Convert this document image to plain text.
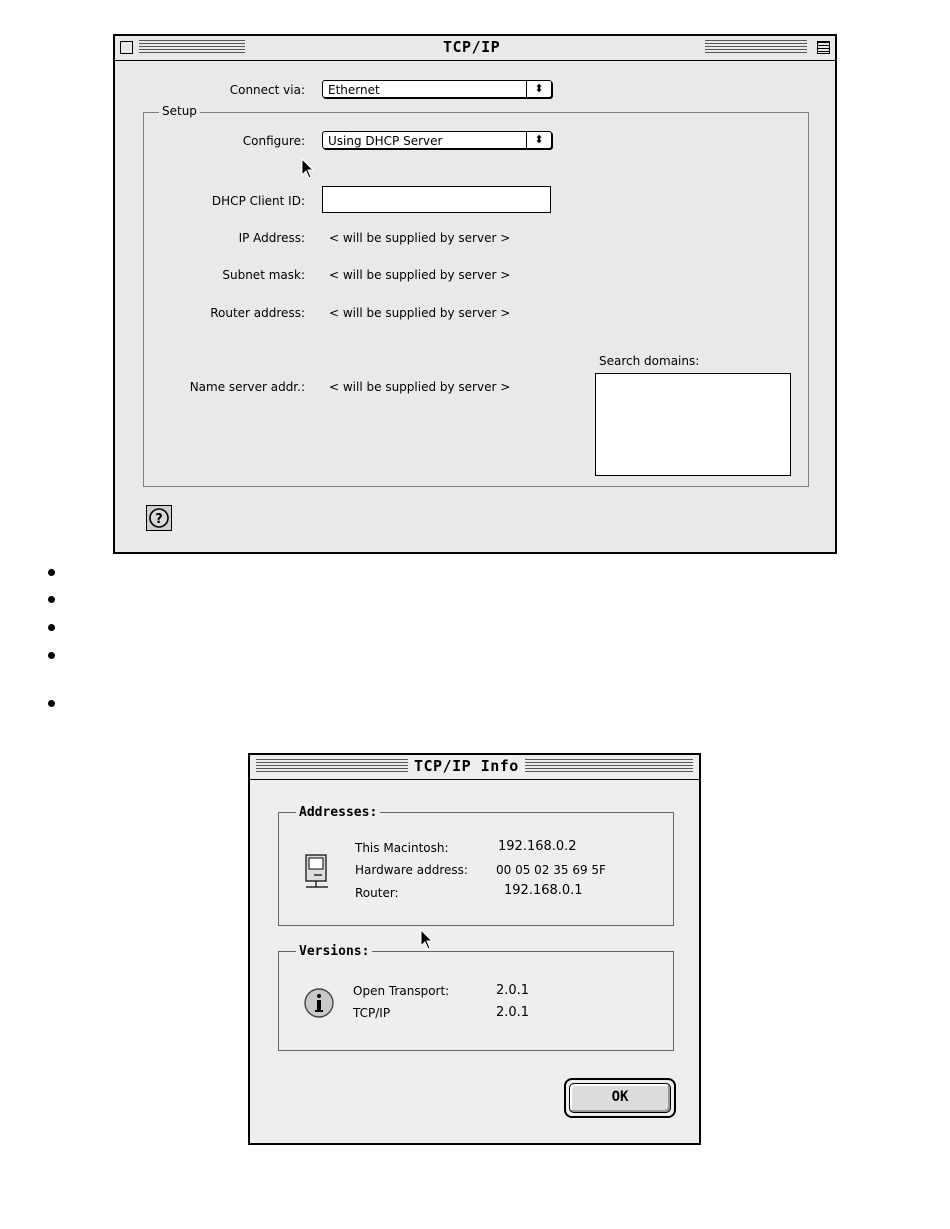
TCP/IP
Connect via:	Ethernet	⬍
Setup
Configure:	Using DHCP Server	⬍
DHCP Client ID:
IP Address: < will be supplied by server >
Subnet mask: < will be supplied by server >
Router address: < will be supplied by server >
Search domains:
Name server addr.: < will be supplied by server >
?
TCP/IP Info
Addresses:
This Macintosh:	192.168.0.2
Hardware address: 00 05 02 35 69 5F
Router:	192.168.0.1
Versions:
Open Transport:	2.0.1
TCP/IP	2.0.1
OK
